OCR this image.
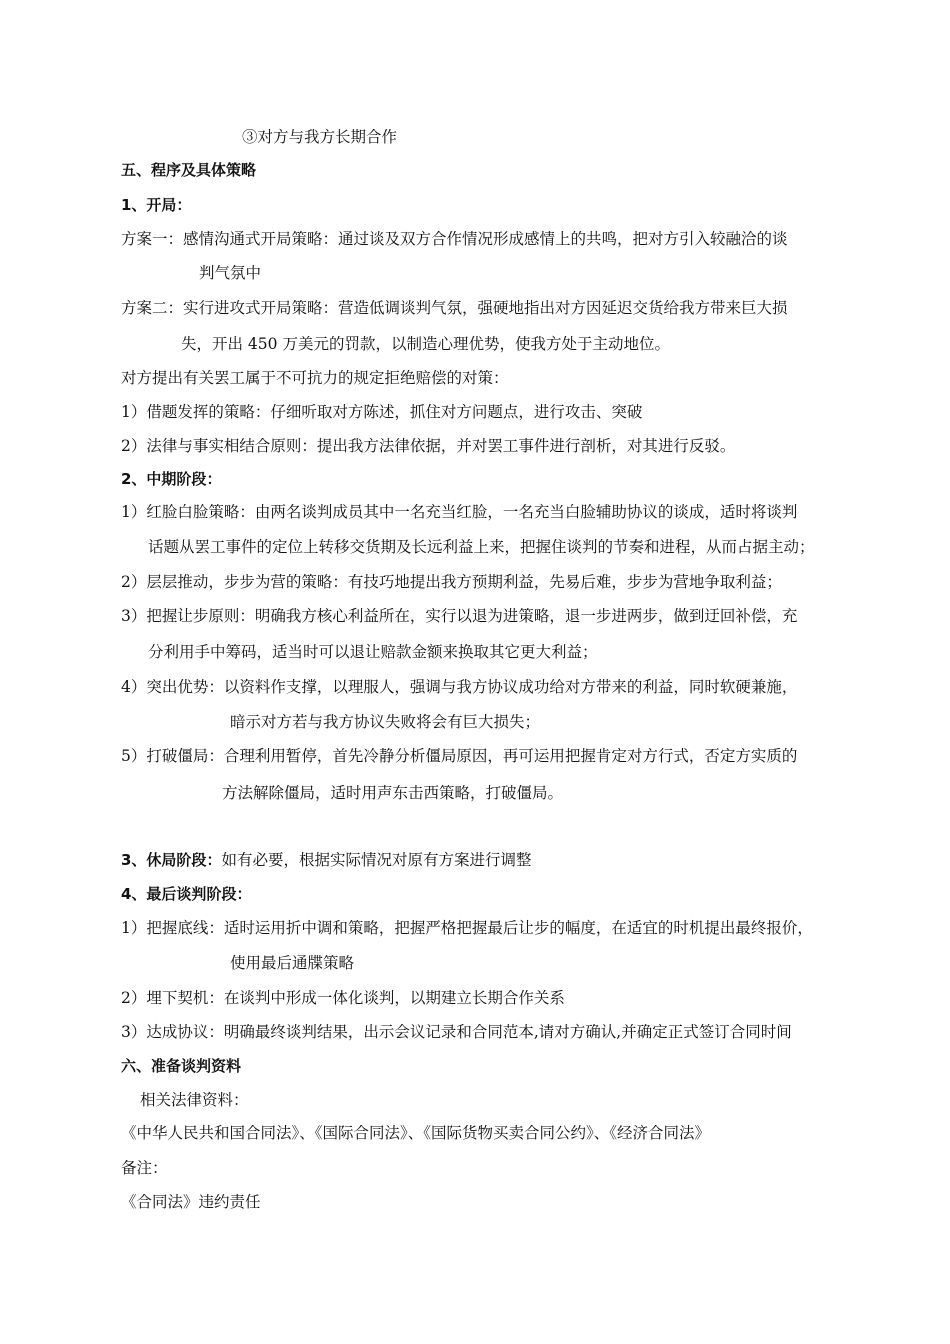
③对方与我方长期合作
五、程序及具体策略
1、开局：
方案一：感情沟通式开局策略：通过谈及双方合作情况形成感情上的共鸣，把对方引入较融洽的谈
判气氛中
方案二：实行进攻式开局策略：营造低调谈判气氛，强硬地指出对方因延迟交货给我方带来巨大损
失，开出 450 万美元的罚款，以制造心理优势，使我方处于主动地位。
对方提出有关罢工属于不可抗力的规定拒绝赔偿的对策：
1）借题发挥的策略：仔细听取对方陈述，抓住对方问题点，进行攻击、突破
2）法律与事实相结合原则：提出我方法律依据，并对罢工事件进行剖析，对其进行反驳。
2、中期阶段：
1）红脸白脸策略：由两名谈判成员其中一名充当红脸，一名充当白脸辅助协议的谈成，适时将谈判
话题从罢工事件的定位上转移交货期及长远利益上来，把握住谈判的节奏和进程，从而占据主动；
2）层层推动，步步为营的策略：有技巧地提出我方预期利益，先易后难，步步为营地争取利益；
3）把握让步原则：明确我方核心利益所在，实行以退为进策略，退一步进两步，做到迂回补偿，充
分利用手中筹码，适当时可以退让赔款金额来换取其它更大利益；
4）突出优势：以资料作支撑，以理服人，强调与我方协议成功给对方带来的利益，同时软硬兼施，
暗示对方若与我方协议失败将会有巨大损失；
5）打破僵局：合理利用暂停，首先冷静分析僵局原因，再可运用把握肯定对方行式，否定方实质的
方法解除僵局，适时用声东击西策略，打破僵局。
3、休局阶段：如有必要，根据实际情况对原有方案进行调整
4、最后谈判阶段：
1）把握底线：适时运用折中调和策略，把握严格把握最后让步的幅度，在适宜的时机提出最终报价，
使用最后通牒策略
2）埋下契机：在谈判中形成一体化谈判，以期建立长期合作关系
3）达成协议：明确最终谈判结果，出示会议记录和合同范本,请对方确认,并确定正式签订合同时间
六、准备谈判资料
相关法律资料：
《中华人民共和国合同法》、《国际合同法》、《国际货物买卖合同公约》、《经济合同法》
备注：
《合同法》违约责任
